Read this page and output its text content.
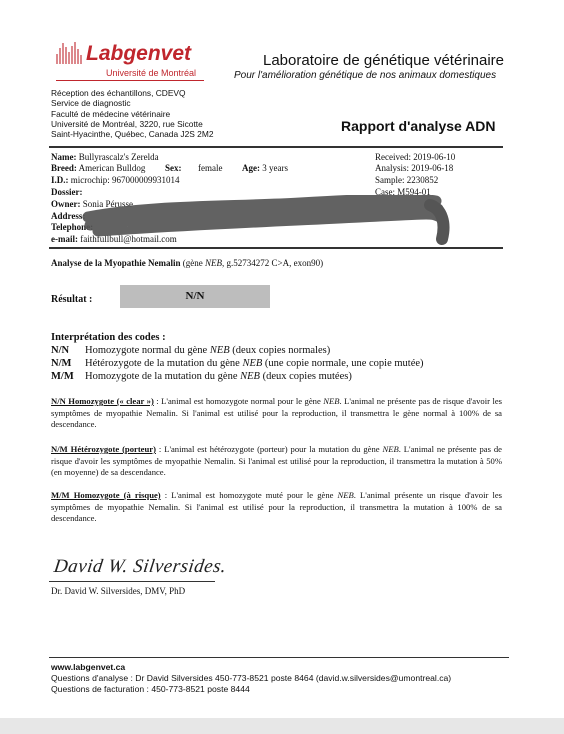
Labgenvet
Université de Montréal
Laboratoire de génétique vétérinaire
Pour l'amélioration génétique de nos animaux domestiques
Réception des échantillons, CDEVQ
Service de diagnostic
Faculté de médecine vétérinaire
Université de Montréal, 3220, rue Sicotte
Saint-Hyacinthe, Québec, Canada J2S 2M2
Rapport d'analyse ADN
Name: Bullyrascalz's Zerelda
Breed: American Bulldog Sex: female Age: 3 years
I.D.: microchip: 967000009931014
Dossier:
Owner: Sonia Pérusse
Address:
Telephone:
e-mail: faithfullbull@hotmail.com
Received: 2019-06-10
Analysis: 2019-06-18
Sample: 2230852
Case: M594-01
Analyse de la Myopathie Nemalin (gène NEB, g.52734272 C>A, exon90)
Résultat :	N/N
Interprétation des codes :
N/N Homozygote normal du gène NEB (deux copies normales)
N/M Hétérozygote de la mutation du gène NEB (une copie normale, une copie mutée)
M/M Homozygote de la mutation du gène NEB (deux copies mutées)
N/N Homozygote (« clear ») : L'animal est homozygote normal pour le gène NEB. L'animal ne présente pas de risque d'avoir les symptômes de myopathie Nemalin. Si l'animal est utilisé pour la reproduction, il transmettra le gène normal à 100% de sa descendance.
N/M Hétérozygote (porteur) : L'animal est hétérozygote (porteur) pour la mutation du gène NEB. L'animal ne présente pas de risque d'avoir les symptômes de myopathie Nemalin. Si l'animal est utilisé pour la reproduction, il transmettra la mutation à 50% (en moyenne) de sa descendance.
M/M Homozygote (à risque) : L'animal est homozygote muté pour le gène NEB. L'animal présente un risque d'avoir les symptômes de myopathie Nemalin. Si l'animal est utilisé pour la reproduction, il transmettra la mutation à 100% de sa descendance.
David W. Silversides.
Dr. David W. Silversides, DMV, PhD
www.labgenvet.ca
Questions d'analyse : Dr David Silversides 450-773-8521 poste 8464 (david.w.silversides@umontreal.ca)
Questions de facturation : 450-773-8521 poste 8444
